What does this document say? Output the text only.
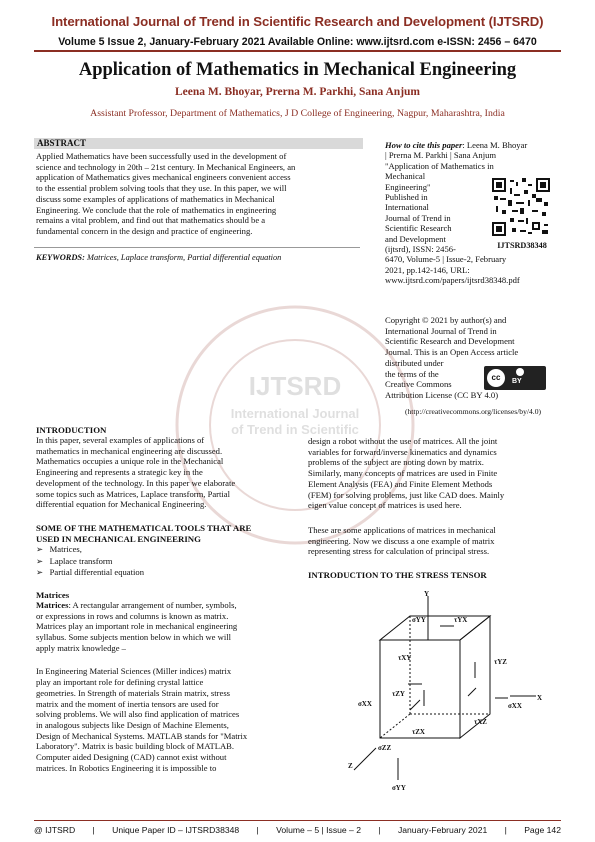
International Journal of Trend in Scientific Research and Development (IJTSRD)
Volume 5 Issue 2, January-February 2021 Available Online: www.ijtsrd.com e-ISSN: 2456 – 6470
Application of Mathematics in Mechanical Engineering
Leena M. Bhoyar, Prerna M. Parkhi, Sana Anjum
Assistant Professor, Department of Mathematics, J D College of Engineering, Nagpur, Maharashtra, India
ABSTRACT
Applied Mathematics have been successfully used in the development of
science and technology in 20th – 21st century. In Mechanical Engineers, an
application of Mathematics gives mechanical engineers convenient access
to the essential problem solving tools that they use. In this paper, we will
discuss some examples of applications of mathematics in Mechanical
Engineering. We conclude that the role of mathematics in engineering
remains a vital problem, and find out that mathematics should be a
fundamental concern in the design and practice of engineering.
KEYWORDS: Matrices, Laplace transform, Partial differential equation
How to cite this paper: Leena M. Bhoyar
| Prerna M. Parkhi | Sana Anjum
"Application of Mathematics in
Mechanical
Engineering"
Published in
International
Journal of Trend in
Scientific Research
and Development
(ijtsrd), ISSN: 2456-
6470, Volume-5 | Issue-2, February
2021, pp.142-146, URL:
www.ijtsrd.com/papers/ijtsrd38348.pdf
IJTSRD38348
Copyright © 2021 by author(s) and
International Journal of Trend in
Scientific Research and Development
Journal. This is an Open Access article
distributed under
the terms of the
Creative Commons
Attribution License (CC BY 4.0)
cc	BY
(http://creativecommons.org/licenses/by/4.0)
IJTSRD
International Journal
of Trend in Scientific
INTRODUCTION
In this paper, several examples of applications of
mathematics in mechanical engineering are discussed.
Mathematics occupies a unique role in the Mechanical
Engineering and represents a strategic key in the
development of the technology. In this paper we elaborate
some topics such as Matrices, Laplace transform, Partial
differential equation for Mechanical Engineering.
SOME OF THE MATHEMATICAL TOOLS THAT ARE
USED IN MECHANICAL ENGINEERING
➢ Matrices,
➢ Laplace transform
➢ Partial differential equation
Matrices
Matrices: A rectangular arrangement of number, symbols,
or expressions in rows and columns is known as matrix.
Matrices play an important role in mechanical engineering
syllabus. Some subjects mention below in which we will
apply matrix knowledge –
In Engineering Material Sciences (Miller indices) matrix
play an important role for defining crystal lattice
geometries. In Strength of materials Strain matrix, stress
matrix and the moment of inertia tensors are used for
solving problems. We will also find application of matrices
in analogous subjects like Design of Machine Elements,
Design of Mechanical Systems. MATLAB stands for "Matrix
Laboratory". Matrix is basic building block of MATLAB.
Computer aided Designing (CAD) cannot exist without
matrices. In Robotics Engineering it is impossible to
design a robot without the use of matrices. All the joint
variables for forward/inverse kinematics and dynamics
problems of the subject are noting down by matrix.
Similarly, many concepts of matrices are used in Finite
Element Analysis (FEA) and Finite Element Methods
(FEM) for solving problems, just like CAD does. Mainly
eigen value concept of matrices is used here.
These are some applications of matrices in mechanical
engineering. Now we discuss a one example of matrix
representing stress for calculation of principal stress.
INTRODUCTION TO THE STRESS TENSOR
Y
X
Z
σYY	τYX
τXY	τYZ
τZY
τZX
σXX
τXZ
σZZ
σXX
σYY
@ IJTSRD | Unique Paper ID – IJTSRD38348 | Volume – 5 | Issue – 2 | January-February 2021 | Page 142
